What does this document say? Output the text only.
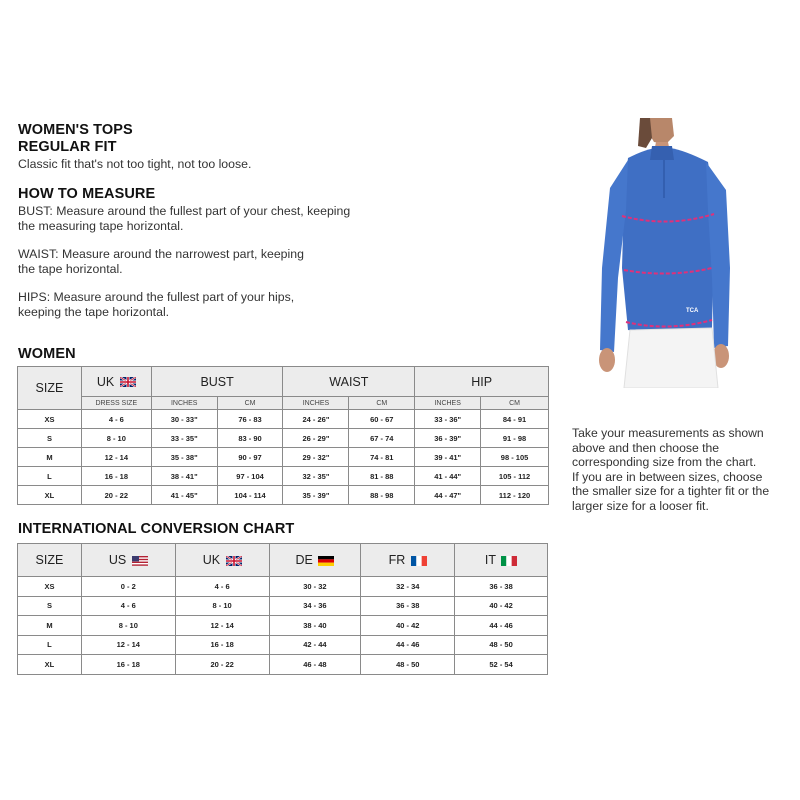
WOMEN'S TOPS
REGULAR FIT
Classic fit that's not too tight, not too loose.
HOW TO MEASURE
BUST: Measure around the fullest part of your chest, keeping
the measuring tape horizontal.
WAIST: Measure around the narrowest part, keeping
the tape horizontal.
HIPS: Measure around the fullest part of your hips,
keeping the tape horizontal.	TCA
Take your measurements as shown
above and then choose the
corresponding size from the chart.
If you are in between sizes, choose
the smaller size for a tighter fit or the
larger size for a looser fit.
WOMEN
SIZE	UK	BUST		WAIST		HIP	
	DRESS SIZE	INCHES	CM	INCHES	CM	INCHES	CM
XS	4 - 6	30 - 33"	76 - 83	24 - 26"	60 - 67	33 - 36"	84 - 91
S	8 - 10	33 - 35"	83 - 90	26 - 29"	67 - 74	36 - 39"	91 - 98
M	12 - 14	35 - 38"	90 - 97	29 - 32"	74 - 81	39 - 41"	98 - 105
L	16 - 18	38 - 41"	97 - 104	32 - 35"	81 - 88	41 - 44"	105 - 112
XL	20 - 22	41 - 45"	104 - 114	35 - 39"	88 - 98	44 - 47"	112 - 120
INTERNATIONAL CONVERSION CHART
SIZE	US	UK	DE	FR	IT
XS	0 - 2	4 - 6	30 - 32	32 - 34	36 - 38
S	4 - 6	8 - 10	34 - 36	36 - 38	40 - 42
M	8 - 10	12 - 14	38 - 40	40 - 42	44 - 46
L	12 - 14	16 - 18	42 - 44	44 - 46	48 - 50
XL	16 - 18	20 - 22	46 - 48	48 - 50	52 - 54
